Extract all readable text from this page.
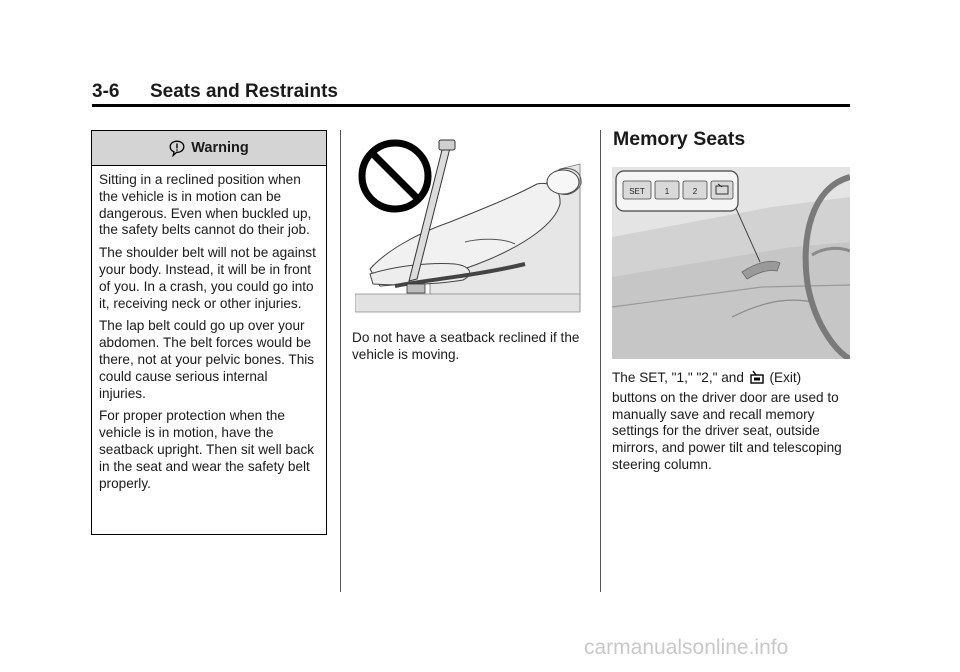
3-6 Seats and Restraints
Warning

Sitting in a reclined position when the vehicle is in motion can be dangerous. Even when buckled up, the safety belts cannot do their job.

The shoulder belt will not be against your body. Instead, it will be in front of you. In a crash, you could go into it, receiving neck or other injuries.

The lap belt could go up over your abdomen. The belt forces would be there, not at your pelvic bones. This could cause serious internal injuries.

For proper protection when the vehicle is in motion, have the seatback upright. Then sit well back in the seat and wear the safety belt properly.

Do not have a seatback reclined if the vehicle is moving.

Memory Seats
SET 1	2

The SET, "1," "2," and (Exit)

buttons on the driver door are used to manually save and recall memory settings for the driver seat, outside mirrors, and power tilt and telescoping steering column.

carmanualsonline.info
